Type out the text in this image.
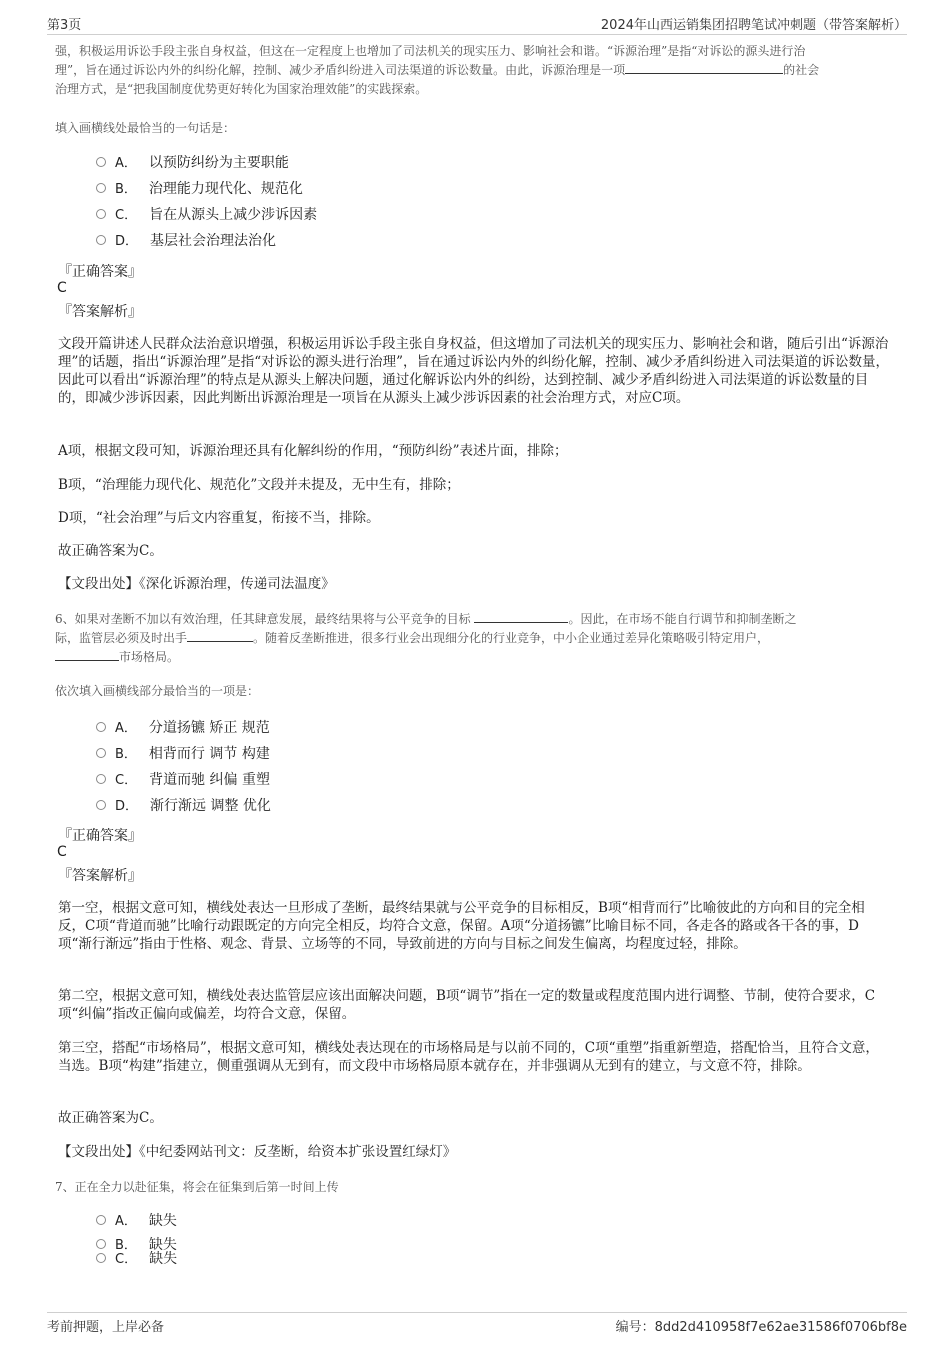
第3页	2024年山西运销集团招聘笔试冲刺题（带答案解析）
强，积极运用诉讼手段主张自身权益，但这在一定程度上也增加了司法机关的现实压力、影响社会和谐。“诉源治理”是指“对诉讼的源头进行治
理”，旨在通过诉讼内外的纠纷化解，控制、减少矛盾纠纷进入司法渠道的诉讼数量。由此，诉源治理是一项	的社会
治理方式，是“把我国制度优势更好转化为国家治理效能”的实践探索。
填入画横线处最恰当的一句话是：
A． 以预防纠纷为主要职能
B． 治理能力现代化、规范化
C． 旨在从源头上减少涉诉因素
D． 基层社会治理法治化
『正确答案』
C
『答案解析』
文段开篇讲述人民群众法治意识增强，积极运用诉讼手段主张自身权益，但这增加了司法机关的现实压力、影响社会和谐，随后引出“诉源治理”的话题，指出“诉源治理”是指“对诉讼的源头进行治理”，旨在通过诉讼内外的纠纷化解，控制、减少矛盾纠纷进入司法渠道的诉讼数量，因此可以看出“诉源治理”的特点是从源头上解决问题，通过化解诉讼内外的纠纷，达到控制、减少矛盾纠纷进入司法渠道的诉讼数量的目的，即减少涉诉因素，因此判断出诉源治理是一项旨在从源头上减少涉诉因素的社会治理方式，对应C项。
A项，根据文段可知，诉源治理还具有化解纠纷的作用，“预防纠纷”表述片面，排除；
B项，“治理能力现代化、规范化”文段并未提及，无中生有，排除；
D项，“社会治理”与后文内容重复，衔接不当，排除。
故正确答案为C。
【文段出处】《深化诉源治理，传递司法温度》
6、如果对垄断不加以有效治理，任其肆意发展，最终结果将与公平竞争的目标	。因此，在市场不能自行调节和抑制垄断之
际，监管层必须及时出手	。随着反垄断推进，很多行业会出现细分化的行业竞争，中小企业通过差异化策略吸引特定用户，
市场格局。
依次填入画横线部分最恰当的一项是：
A． 分道扬镳 矫正 规范
B． 相背而行 调节 构建
C． 背道而驰 纠偏 重塑
D． 渐行渐远 调整 优化
『正确答案』
C
『答案解析』
第一空，根据文意可知，横线处表达一旦形成了垄断，最终结果就与公平竞争的目标相反，B项“相背而行”比喻彼此的方向和目的完全相反，C项“背道而驰”比喻行动跟既定的方向完全相反，均符合文意，保留。A项“分道扬镳”比喻目标不同，各走各的路或各干各的事，D项“渐行渐远”指由于性格、观念、背景、立场等的不同，导致前进的方向与目标之间发生偏离，均程度过轻，排除。
第二空，根据文意可知，横线处表达监管层应该出面解决问题，B项“调节”指在一定的数量或程度范围内进行调整、节制，使符合要求，C项“纠偏”指改正偏向或偏差，均符合文意，保留。
第三空，搭配“市场格局”，根据文意可知，横线处表达现在的市场格局是与以前不同的，C项“重塑”指重新塑造，搭配恰当，且符合文意，当选。B项“构建”指建立，侧重强调从无到有，而文段中市场格局原本就存在，并非强调从无到有的建立，与文意不符，排除。
故正确答案为C。
【文段出处】《中纪委网站刊文：反垄断，给资本扩张设置红绿灯》
7、正在全力以赴征集，将会在征集到后第一时间上传
A． 缺失
B． 缺失
C． 缺失
考前押题，上岸必备	编号：8dd2d410958f7e62ae31586f0706bf8e
